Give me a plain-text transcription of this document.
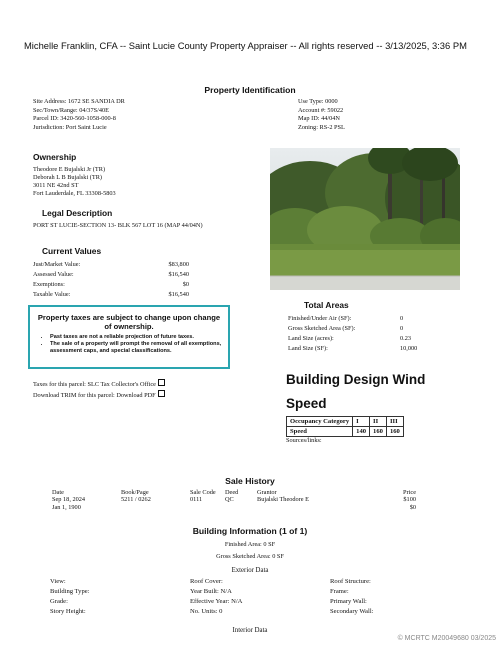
Michelle Franklin, CFA -- Saint Lucie County Property Appraiser -- All rights reserved -- 3/13/2025, 3:36 PM
Property Identification
Site Address: 1672 SE SANDIA DR
Sec/Town/Range: 04/37S/40E
Parcel ID: 3420-560-1058-000-8
Jurisdiction: Port Saint Lucie
Use Type: 0000
Account #: 59022
Map ID: 44/04N
Zoning: RS-2 PSL
Ownership
Theodore E Bujalski Jr (TR)
Deborah L B Bujalski (TR)
3011 NE 42nd ST
Fort Lauderdale, FL 33308-5803
Legal Description
PORT ST LUCIE-SECTION 13- BLK 567 LOT 16 (MAP 44/04N)
Current Values
Just/Market Value:	$83,800
Assessed Value:	$16,540
Exemptions:	$0
Taxable Value:	$16,540
Property taxes are subject to change upon change of ownership.
• Past taxes are not a reliable projection of future taxes.
• The sale of a property will prompt the removal of all exemptions, assessment caps, and special classifications.
Taxes for this parcel: SLC Tax Collector's Office
Download TRIM for this parcel: Download PDF
Total Areas
Finished/Under Air (SF):	0
Gross Sketched Area (SF):	0
Land Size (acres):	0.23
Land Size (SF):	10,000
Building Design Wind
Speed
Occupancy Category	I	II	III
Speed	140	160	160
Sources/links:
Sale History
Date	Book/Page	Sale Code	Deed	Grantor	Price
Sep 18, 2024	5211 / 0262	0111	QC	Bujalski Theodore E	$100
Jan 1, 1900					$0
Building Information (1 of 1)
Finished Area: 0 SF
Gross Sketched Area: 0 SF
Exterior Data
View:	Roof Cover:	Roof Structure:
Building Type:	Year Built: N/A	Frame:
Grade:	Effective Year: N/A	Primary Wall:
Story Height:	No. Units: 0	Secondary Wall:
Interior Data
© MCRTC M20049680 03/2025
